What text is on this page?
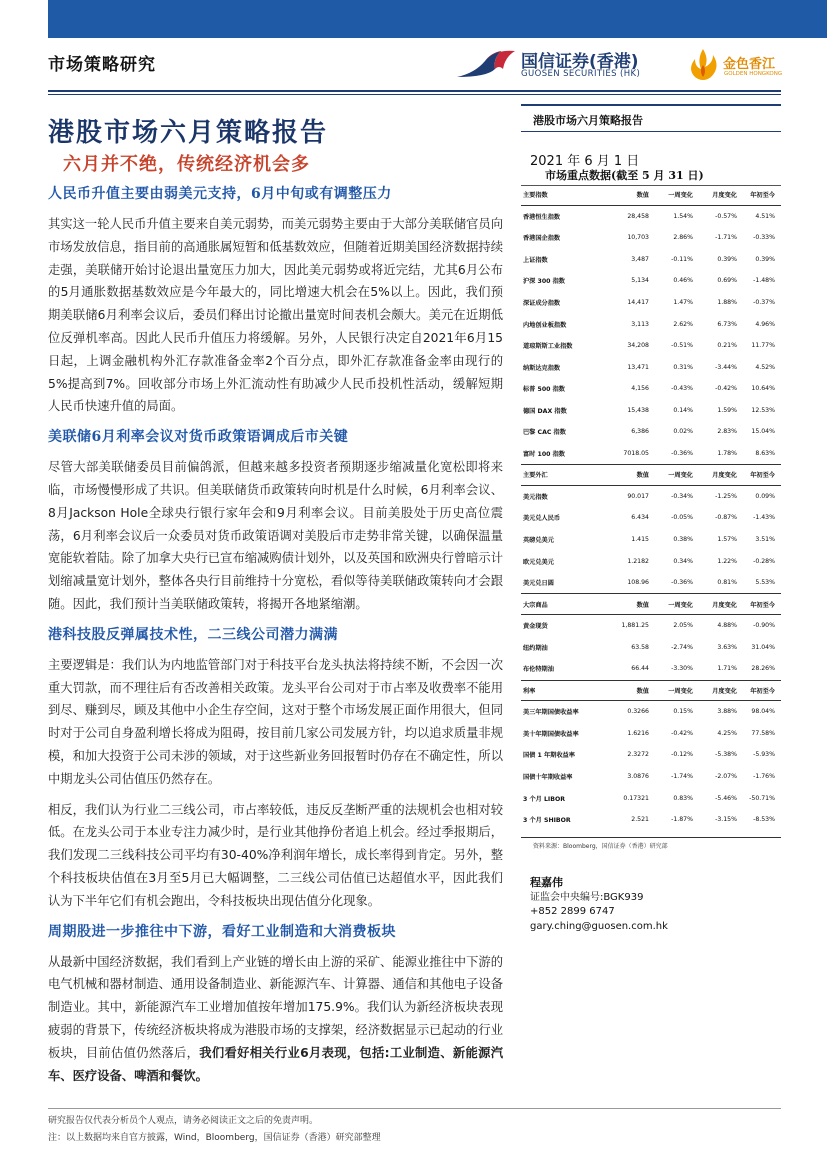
市场策略研究	国信证券(香港)
GUOSEN SECURITIES (HK)
金色香江
GOLDEN HONGKONG
港股市场六月策略报告
六月并不绝，传统经济机会多
人民币升值主要由弱美元支持，6月中旬或有调整压力

其实这一轮人民币升值主要来自美元弱势，而美元弱势主要由于大部分美联储官员向市场发放信息，指目前的高通胀属短暂和低基数效应，但随着近期美国经济数据持续走强，美联储开始讨论退出量宽压力加大，因此美元弱势或将近完结，尤其6月公布的5月通胀数据基数效应是今年最大的，同比增速大机会在5%以上。因此，我们预期美联储6月利率会议后，委员们释出讨论撤出量宽时间表机会颇大。美元在近期低位反弹机率高。因此人民币升值压力将缓解。另外，人民银行决定自2021年6月15日起，上调金融机构外汇存款准备金率2个百分点，即外汇存款准备金率由现行的5%提高到7%。回收部分市场上外汇流动性有助减少人民币投机性活动，缓解短期人民币快速升值的局面。

美联储6月利率会议对货币政策语调成后市关键

尽管大部美联储委员目前偏鸽派，但越来越多投资者预期逐步缩减量化宽松即将来临，市场慢慢形成了共识。但美联储货币政策转向时机是什么时候，6月利率会议、8月Jackson Hole全球央行银行家年会和9月利率会议。目前美股处于历史高位震荡，6月利率会议后一众委员对货币政策语调对美股后市走势非常关键，以确保温量宽能软着陆。除了加拿大央行已宣布缩减购债计划外，以及英国和欧洲央行曾暗示计划缩减量宽计划外，整体各央行目前维持十分宽松，看似等待美联储政策转向才会跟随。因此，我们预计当美联储政策转，将揭开各地紧缩潮。

港科技股反弹属技术性，二三线公司潜力满满

主要逻辑是：我们认为内地监管部门对于科技平台龙头执法将持续不断，不会因一次重大罚款，而不理往后有否改善相关政策。龙头平台公司对于市占率及收费率不能用到尽、赚到尽，顾及其他中小企生存空间，这对于整个市场发展正面作用很大，但同时对于公司自身盈利增长将成为阻碍，按目前几家公司发展方针，均以追求质量非规模，和加大投资于公司未涉的领域，对于这些新业务回报暂时仍存在不确定性，所以中期龙头公司估值压仍然存在。

相反，我们认为行业二三线公司，市占率较低，违反反垄断严重的法规机会也相对较低。在龙头公司于本业专注力减少时，是行业其他挣份者追上机会。经过季报期后，我们发现二三线科技公司平均有30-40%净利润年增长，成长率得到肯定。另外，整个科技板块估值在3月至5月已大幅调整，二三线公司估值已达超值水平，因此我们认为下半年它们有机会跑出，令科技板块出现估值分化现象。

周期股进一步推往中下游，看好工业制造和大消费板块

从最新中国经济数据，我们看到上产业链的增长由上游的采矿、能源业推往中下游的电气机械和器材制造、通用设备制造业、新能源汽车、计算器、通信和其他电子设备制造业。其中，新能源汽车工业增加值按年增加175.9%。我们认为新经济板块表现疲弱的背景下，传统经济板块将成为港股市场的支撑架，经济数据显示已起动的行业板块，目前估值仍然落后，我们看好相关行业6月表现，包括:工业制造、新能源汽车、医疗设备、啤酒和餐饮。

港股市场六月策略报告
2021 年 6 月 1 日
市场重点数据(截至 5 月 31 日)
主要指数	数值	一周变化	月度变化	年初至今
香港恒生指数	28,458	1.54%	-0.57%	4.51%
香港国企指数	10,703	2.86%	-1.71%	-0.33%
上证指数	3,487	-0.11%	0.39%	0.39%
沪深 300 指数	5,134	0.46%	0.69%	-1.48%
深证成分指数	14,417	1.47%	1.88%	-0.37%
内地创业板指数	3,113	2.62%	6.73%	4.96%
道琼斯斯工业指数	34,208	-0.51%	0.21%	11.77%
纳斯达克指数	13,471	0.31%	-3.44%	4.52%
标普 500 指数	4,156	-0.43%	-0.42%	10.64%
德国 DAX 指数	15,438	0.14%	1.59%	12.53%
巴黎 CAC 指数	6,386	0.02%	2.83%	15.04%
富时 100 指数	7018.05	-0.36%	1.78%	8.63%
主要外汇	数值	一周变化	月度变化	年初至今
美元指数	90.017	-0.34%	-1.25%	0.09%
美元兑人民币	6.434	-0.05%	-0.87%	-1.43%
英磅兑美元	1.415	0.38%	1.57%	3.51%
欧元兑美元	1.2182	0.34%	1.22%	-0.28%
美元兑日圆	108.96	-0.36%	0.81%	5.53%
大宗商品	数值	一周变化	月度变化	年初至今
黄金现货	1,881.25	2.05%	4.88%	-0.90%
纽约期油	63.58	-2.74%	3.63%	31.04%
布伦特期油	66.44	-3.30%	1.71%	28.26%
利率	数值	一周变化	月度变化	年初至今
美三年期国债收益率	0.3266	0.15%	3.88%	98.04%
美十年期国债收益率	1.6216	-0.42%	4.25%	77.58%
国债 1 年期收益率	2.3272	-0.12%	-5.38%	-5.93%
国债十年期收益率	3.0876	-1.74%	-2.07%	-1.76%
3 个月 LIBOR	0.17321	0.83%	-5.46%	-50.71%
3 个月 SHIBOR	2.521	-1.87%	-3.15%	-8.53%
资料来源：Bloomberg，国信证券（香港）研究部
程嘉伟
证监会中央编号:BGK939
+852 2899 6747
gary.ching@guosen.com.hk
研究报告仅代表分析员个人观点，请务必阅读正文之后的免责声明。
注：以上数据均来自官方披露，Wind，Bloomberg，国信证券（香港）研究部整理
